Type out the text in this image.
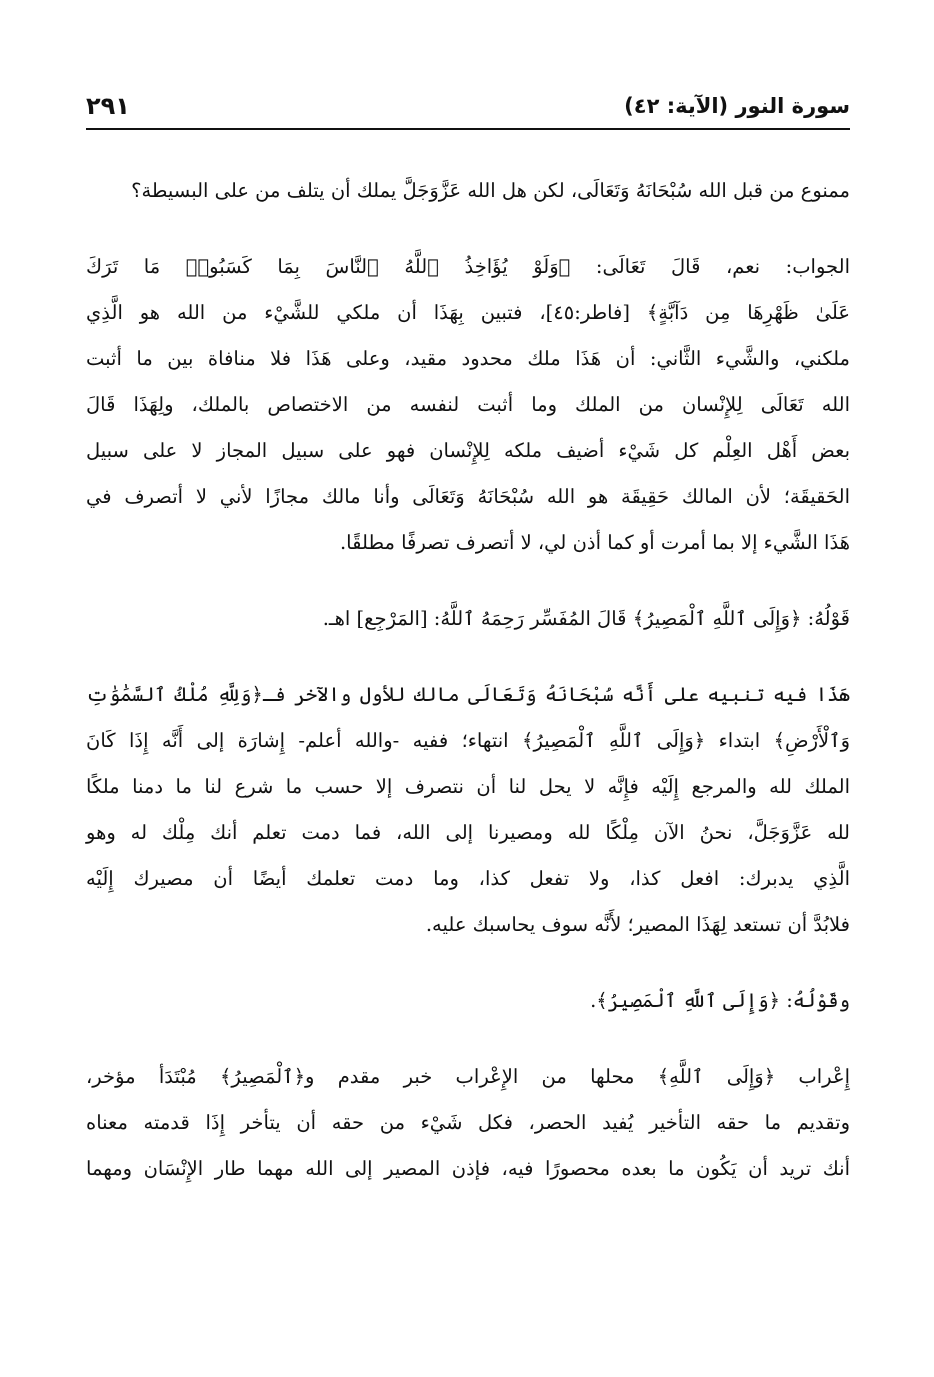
سورة النور (الآية: ٤٢)
٢٩١
ممنوع من قبل الله سُبْحَانَهُ وَتَعَالَى، لكن هل الله عَزَّوَجَلَّ يملك أن يتلف من على البسيطة؟
الجواب: نعم، قَالَ تَعَالَى: ﴿وَلَوْ يُؤَاخِذُ ٱللَّهُ ٱلنَّاسَ بِمَا كَسَبُوا۟ مَا تَرَكَ
عَلَىٰ ظَهْرِهَا مِن دَآبَّةٍ﴾ [فاطر:٤٥]، فتبين بِهَذَا أن ملكي للشَّيْء من الله هو الَّذِي
ملكني، والشَّيء الثَّاني: أن هَذَا ملك محدود مقيد، وعلى هَذَا فلا منافاة بين ما أثبت
الله تَعَالَى لِلإِنْسان من الملك وما أثبت لنفسه من الاختصاص بالملك، ولِهَذَا قَالَ
بعض أَهْل العِلْم كل شَيْء أضيف ملكه لِلإِنْسان فهو على سبيل المجاز لا على سبيل
الحَقيقَة؛ لأن المالك حَقِيقَة هو الله سُبْحَانَهُ وَتَعَالَى وأنا مالك مجازًا لأني لا أتصرف في
هَذَا الشَّيء إلا بما أمرت أو كما أذن لي، لا أتصرف تصرفًا مطلقًا.
قَوْلُهُ: ﴿وَإِلَى ٱللَّهِ ٱلْمَصِيرُ﴾ قَالَ المُفَسِّر رَحِمَهُ ٱللَّهُ: [المَرْجِع] اهـ.
هَذَا فيه تنبيه على أَنَّه سُبْحَانَهُ وَتَعَالَى مالك للأول والآخر فـ﴿وَلِلَّهِ مُلْكُ ٱلسَّمَٰوَٰتِ
وَٱلْأَرْضِ﴾ ابتداء ﴿وَإِلَى ٱللَّهِ ٱلْمَصِيرُ﴾ انتهاء؛ ففيه -والله أعلم- إِشارَة إلى أَنَّه إِذَا كَانَ
الملك لله والمرجع إِلَيْه فإِنَّه لا يحل لنا أن نتصرف إلا حسب ما شرع لنا ما دمنا ملكًا
لله عَزَّوَجَلَّ، نحنُ الآن مِلْكًا لله ومصيرنا إلى الله، فما دمت تعلم أنك مِلْك له وهو
الَّذِي يدبرك: افعل كذا، ولا تفعل كذا، وما دمت تعلمك أيضًا أن مصيرك إِلَيْه
فلابُدَّ أن تستعد لِهَذَا المصير؛ لأَنَّه سوف يحاسبك عليه.
وقَوْلُهُ: ﴿وَإِلَى ٱللَّهِ ٱلْمَصِيرُ﴾.
إِعْراب ﴿وَإِلَى ٱللَّهِ﴾ محلها من الإِعْراب خبر مقدم و﴿ٱلْمَصِيرُ﴾ مُبْتَدَأ مؤخر،
وتقديم ما حقه التأخير يُفيد الحصر، فكل شَيْء من حقه أن يتأخر إِذَا قدمته معناه
أنك تريد أن يَكُون ما بعده محصورًا فيه، فإذن المصير إلى الله مهما طار الإِنْسَان ومهما
